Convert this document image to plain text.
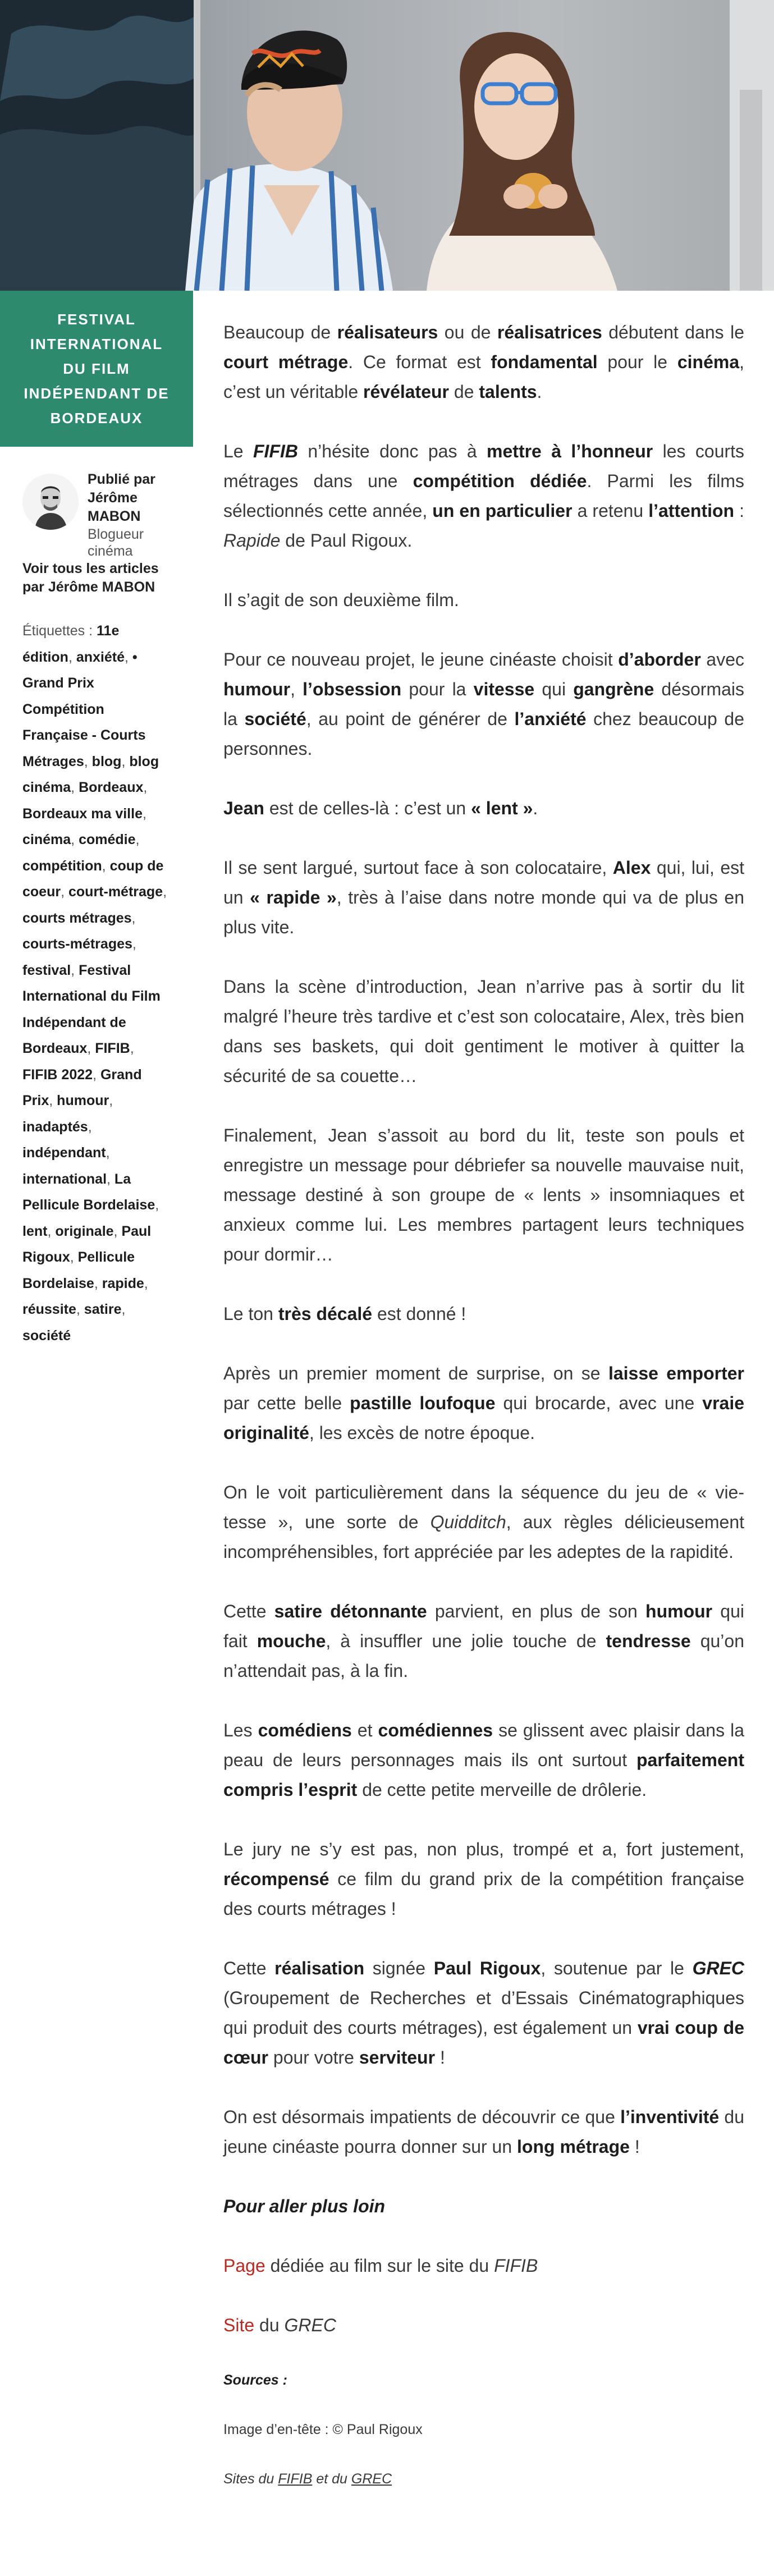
FESTIVAL INTERNATIONAL DU FILM INDÉPENDANT DE BORDEAUX
Publié par
Jérôme MABON
Blogueur cinéma
Voir tous les articles par Jérôme MABON
Étiquettes : 11e édition, anxiété, • Grand Prix Compétition Française - Courts Métrages, blog, blog cinéma, Bordeaux, Bordeaux ma ville, cinéma, comédie, compétition, coup de coeur, court-métrage, courts métrages, courts-métrages, festival, Festival International du Film Indépendant de Bordeaux, FIFIB, FIFIB 2022, Grand Prix, humour, inadaptés, indépendant, international, La Pellicule Bordelaise, lent, originale, Paul Rigoux, Pellicule Bordelaise, rapide, réussite, satire, société

Beaucoup de réalisateurs ou de réalisatrices débutent dans le court métrage. Ce format est fondamental pour le cinéma, c’est un véritable révélateur de talents.

Le FIFIB n’hésite donc pas à mettre à l’honneur les courts métrages dans une compétition dédiée. Parmi les films sélectionnés cette année, un en particulier a retenu l’attention : Rapide de Paul Rigoux.

Il s’agit de son deuxième film.

Pour ce nouveau projet, le jeune cinéaste choisit d’aborder avec humour, l’obsession pour la vitesse qui gangrène désormais la société, au point de générer de l’anxiété chez beaucoup de personnes.

Jean est de celles-là : c’est un « lent ».

Il se sent largué, surtout face à son colocataire, Alex qui, lui, est un « rapide », très à l’aise dans notre monde qui va de plus en plus vite.

Dans la scène d’introduction, Jean n’arrive pas à sortir du lit malgré l’heure très tardive et c’est son colocataire, Alex, très bien dans ses baskets, qui doit gentiment le motiver à quitter la sécurité de sa couette…

Finalement, Jean s’assoit au bord du lit, teste son pouls et enregistre un message pour débriefer sa nouvelle mauvaise nuit, message destiné à son groupe de « lents » insomniaques et anxieux comme lui. Les membres partagent leurs techniques pour dormir…

Le ton très décalé est donné !

Après un premier moment de surprise, on se laisse emporter par cette belle pastille loufoque qui brocarde, avec une vraie originalité, les excès de notre époque.

On le voit particulièrement dans la séquence du jeu de « vie-tesse », une sorte de Quidditch, aux règles délicieusement incompréhensibles, fort appréciée par les adeptes de la rapidité.

Cette satire détonnante parvient, en plus de son humour qui fait mouche, à insuffler une jolie touche de tendresse qu’on n’attendait pas, à la fin.

Les comédiens et comédiennes se glissent avec plaisir dans la peau de leurs personnages mais ils ont surtout parfaitement compris l’esprit de cette petite merveille de drôlerie.

Le jury ne s’y est pas, non plus, trompé et a, fort justement, récompensé ce film du grand prix de la compétition française des courts métrages !

Cette réalisation signée Paul Rigoux, soutenue par le GREC (Groupement de Recherches et d’Essais Cinématographiques qui produit des courts métrages), est également un vrai coup de cœur pour votre serviteur !

On est désormais impatients de découvrir ce que l’inventivité du jeune cinéaste pourra donner sur un long métrage !

Pour aller plus loin

Page dédiée au film sur le site du FIFIB

Site du GREC

Sources :

Image d’en-tête : © Paul Rigoux

Sites du FIFIB et du GREC
